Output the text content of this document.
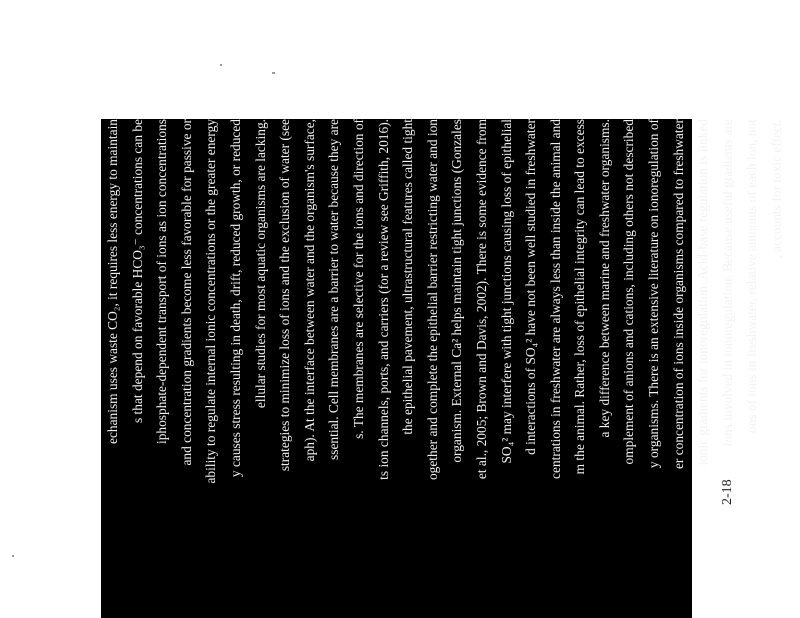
echanism uses waste CO₂, it requires less energy to maintain s that depend on favorable HCO₃⁻ concentrations can be iphosphate-dependent transport of ions as ion concentrations and concentration gradients become less favorable for passive or ability to regulate internal ionic concentrations or the greater energy y causes stress resulting in death, drift, reduced growth, or reduced ellular studies for most aquatic organisms are lacking. strategies to minimize loss of ions and the exclusion of water (see aph). At the interface between water and the organism's surface, ssential. Cell membranes are a barrier to water because they are s. The membranes are selective for the ions and direction of ts ion channels, ports, and carriers (for a review see Griffith, 2016). the epithelial pavement, ultrastructural features called tight ogether and complete the epithelial barrier restricting water and ion organism. External Ca² helps maintain tight junctions (Gonzales et al., 2005; Brown and Davis, 2002). There is some evidence from SO₄² may interfere with tight junctions causing loss of epithelial d interactions of SO₄² have not been well studied in freshwater centrations in freshwater are always less than inside the animal and m the animal. Rather, loss of epithelial integrity can lead to excess a key difference between marine and freshwater organisms. omplement of anions and cations, including others not described y organisms. There is an extensive literature on ionoregulation of er concentration of ions inside organisms compared to freshwater ionic gradients for ionoregulation. Acid-base regulation is linked ions involved in ionoregulation. Because useful gradients are ons of ions in freshwater, relative amounts of each ion, not , accounts for toxic effect.
2-18
